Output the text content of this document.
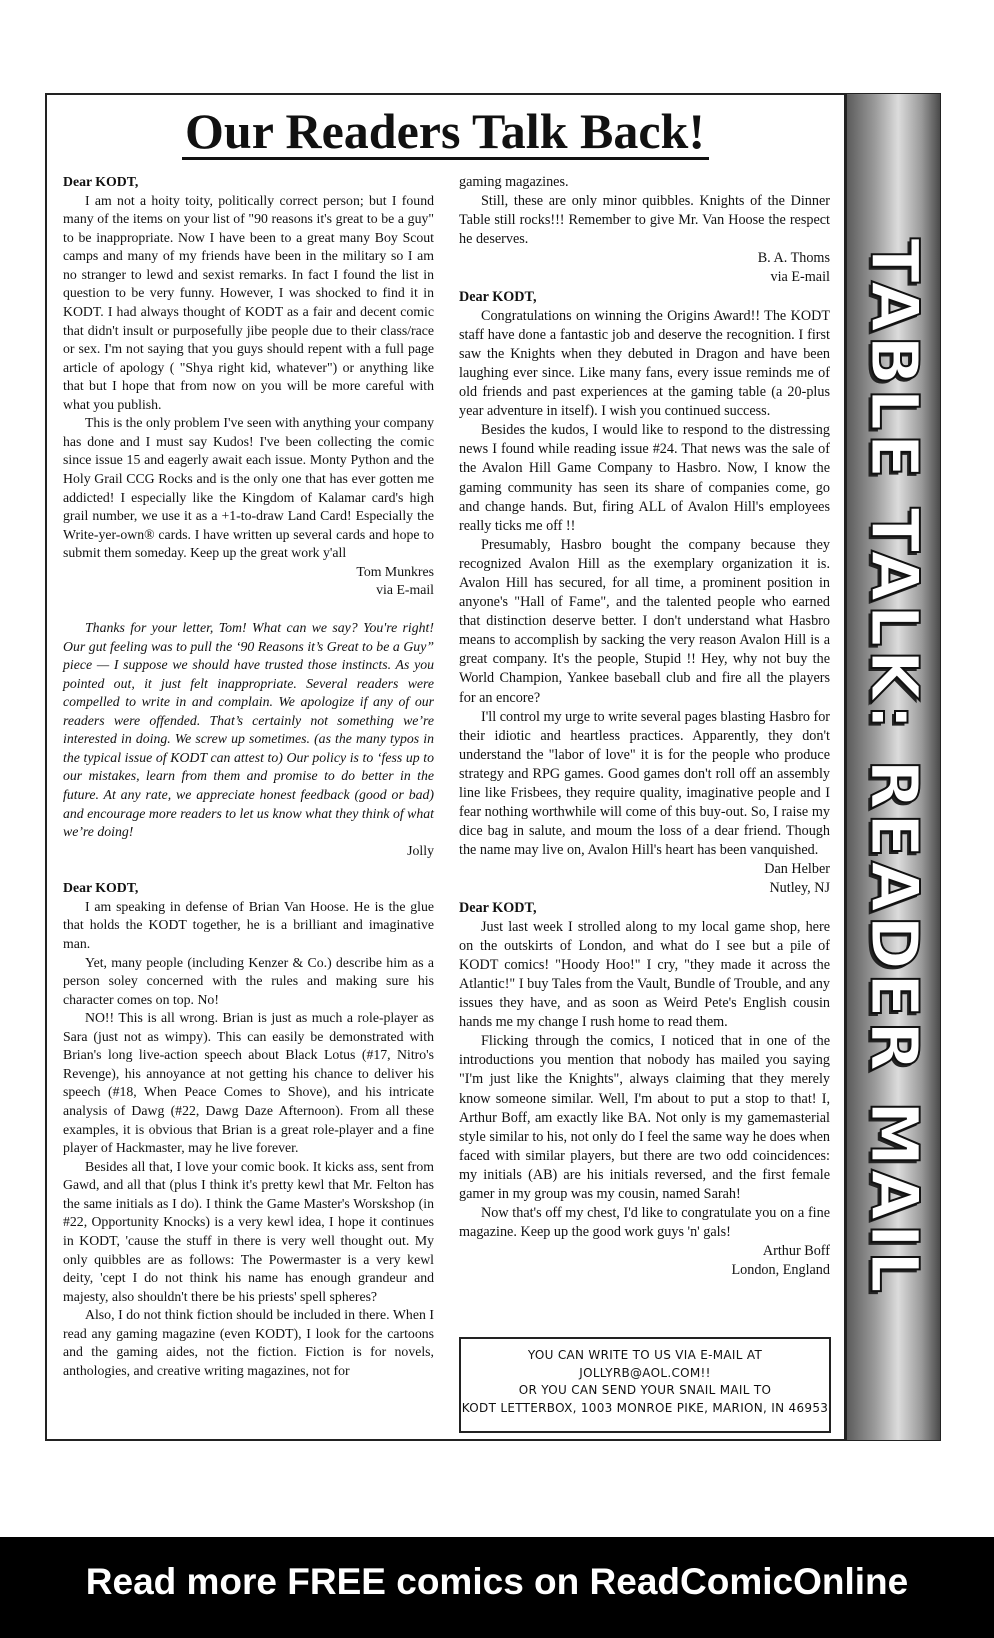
TABLE TALK: READER MAIL
Our Readers Talk Back!

Dear KODT,

I am not a hoity toity, politically correct person; but I found many of the items on your list of "90 reasons it's great to be a guy" to be inappropriate. Now I have been to a great many Boy Scout camps and many of my friends have been in the military so I am no stranger to lewd and sexist remarks. In fact I found the list in question to be very funny. However, I was shocked to find it in KODT. I had always thought of KODT as a fair and decent comic that didn't insult or purposefully jibe people due to their class/race or sex. I'm not saying that you guys should repent with a full page article of apology ( "Shya right kid, whatever") or anything like that but I hope that from now on you will be more careful with what you publish.

This is the only problem I've seen with anything your company has done and I must say Kudos! I've been collecting the comic since issue 15 and eagerly await each issue. Monty Python and the Holy Grail CCG Rocks and is the only one that has ever gotten me addicted! I especially like the Kingdom of Kalamar card's high grail number, we use it as a +1-to-draw Land Card! Especially the Write-yer-own® cards. I have written up several cards and hope to submit them someday. Keep up the great work y'all

Tom Munkres

via E-mail

Thanks for your letter, Tom! What can we say? You're right! Our gut feeling was to pull the ‘90 Reasons it’s Great to be a Guy” piece — I suppose we should have trusted those instincts. As you pointed out, it just felt inappropriate. Several readers were compelled to write in and complain. We apologize if any of our readers were offended. That’s certainly not something we’re interested in doing. We screw up sometimes. (as the many typos in the typical issue of KODT can attest to) Our policy is to ‘fess up to our mistakes, learn from them and promise to do better in the future. At any rate, we appreciate honest feedback (good or bad) and encourage more readers to let us know what they think of what we’re doing!

Jolly

Dear KODT,

I am speaking in defense of Brian Van Hoose. He is the glue that holds the KODT together, he is a brilliant and imaginative man.

Yet, many people (including Kenzer & Co.) describe him as a person soley concerned with the rules and making sure his character comes on top. No!

NO!! This is all wrong. Brian is just as much a role-player as Sara (just not as wimpy). This can easily be demonstrated with Brian's long live-action speech about Black Lotus (#17, Nitro's Revenge), his annoyance at not getting his chance to deliver his speech (#18, When Peace Comes to Shove), and his intricate analysis of Dawg (#22, Dawg Daze Afternoon). From all these examples, it is obvious that Brian is a great role-player and a fine player of Hackmaster, may he live forever.

Besides all that, I love your comic book. It kicks ass, sent from Gawd, and all that (plus I think it's pretty kewl that Mr. Felton has the same initials as I do). I think the Game Master's Worskshop (in #22, Opportunity Knocks) is a very kewl idea, I hope it continues in KODT, 'cause the stuff in there is very well thought out. My only quibbles are as follows: The Powermaster is a very kewl deity, 'cept I do not think his name has enough grandeur and majesty, also shouldn't there be his priests' spell spheres?

Also, I do not think fiction should be included in there. When I read any gaming magazine (even KODT), I look for the cartoons and the gaming aides, not the fiction. Fiction is for novels, anthologies, and creative writing magazines, not for

gaming magazines.

Still, these are only minor quibbles. Knights of the Dinner Table still rocks!!! Remember to give Mr. Van Hoose the respect he deserves.

B. A. Thoms

via E-mail

Dear KODT,

Congratulations on winning the Origins Award!! The KODT staff have done a fantastic job and deserve the recognition. I first saw the Knights when they debuted in Dragon and have been laughing ever since. Like many fans, every issue reminds me of old friends and past experiences at the gaming table (a 20-plus year adventure in itself). I wish you continued success.

Besides the kudos, I would like to respond to the distressing news I found while reading issue #24. That news was the sale of the Avalon Hill Game Company to Hasbro. Now, I know the gaming community has seen its share of companies come, go and change hands. But, firing ALL of Avalon Hill's employees really ticks me off !!

Presumably, Hasbro bought the company because they recognized Avalon Hill as the exemplary organization it is. Avalon Hill has secured, for all time, a prominent position in anyone's "Hall of Fame", and the talented people who earned that distinction deserve better. I don't understand what Hasbro means to accomplish by sacking the very reason Avalon Hill is a great company. It's the people, Stupid !! Hey, why not buy the World Champion, Yankee baseball club and fire all the players for an encore?

I'll control my urge to write several pages blasting Hasbro for their idiotic and heartless practices. Apparently, they don't understand the "labor of love" it is for the people who produce strategy and RPG games. Good games don't roll off an assembly line like Frisbees, they require quality, imaginative people and I fear nothing worthwhile will come of this buy-out. So, I raise my dice bag in salute, and moum the loss of a dear friend. Though the name may live on, Avalon Hill's heart has been vanquished.

Dan Helber

Nutley, NJ

Dear KODT,

Just last week I strolled along to my local game shop, here on the outskirts of London, and what do I see but a pile of KODT comics! "Hoody Hoo!" I cry, "they made it across the Atlantic!" I buy Tales from the Vault, Bundle of Trouble, and any issues they have, and as soon as Weird Pete's English cousin hands me my change I rush home to read them.

Flicking through the comics, I noticed that in one of the introductions you mention that nobody has mailed you saying "I'm just like the Knights", always claiming that they merely know someone similar. Well, I'm about to put a stop to that! I, Arthur Boff, am exactly like BA. Not only is my gamemasterial style similar to his, not only do I feel the same way he does when faced with similar players, but there are two odd coincidences: my initials (AB) are his initials reversed, and the first female gamer in my group was my cousin, named Sarah!

Now that's off my chest, I'd like to congratulate you on a fine magazine. Keep up the good work guys 'n' gals!

Arthur Boff

London, England

YOU CAN WRITE TO US VIA E-MAIL AT
JOLLYRB@AOL.COM!!
OR YOU CAN SEND YOUR SNAIL MAIL TO
KODT LETTERBOX, 1003 MONROE PIKE, MARION, IN 46953
Read more FREE comics on ReadComicOnline
